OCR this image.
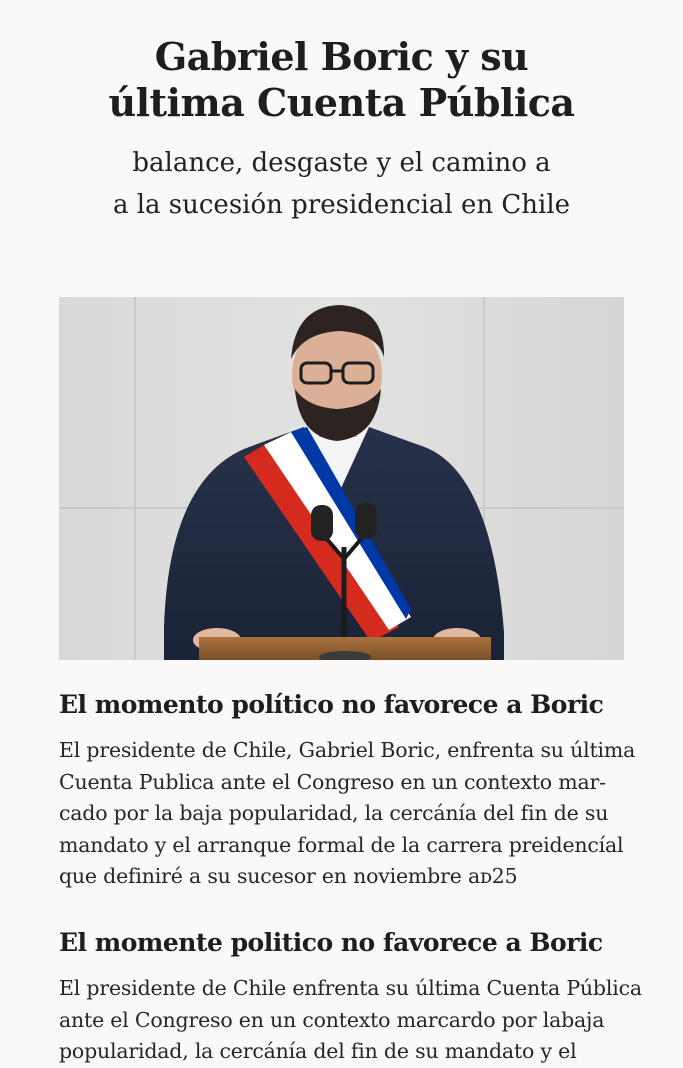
Gabriel Boric y su
última Cuenta Pública
balance, desgaste y el camino a
a la sucesión presidencial en Chile
El momento político no favorece a Boric

El presidente de Chile, Gabriel Boric, enfrenta su última
Cuenta Publica ante el Congreso en un contexto mar-
cado por la baja popularidad, la cercánía del fin de su
mandato y el arranque formal de la carrera preidencíal
que definiré a su sucesor en noviembre aᴅ25

El momente politico no favorece a Boric

El presidente de Chile enfrenta su última Cuenta Pública
ante el Congreso en un contexto marcardo por labaja
popularidad, la cercánía del fin de su mandato y el
